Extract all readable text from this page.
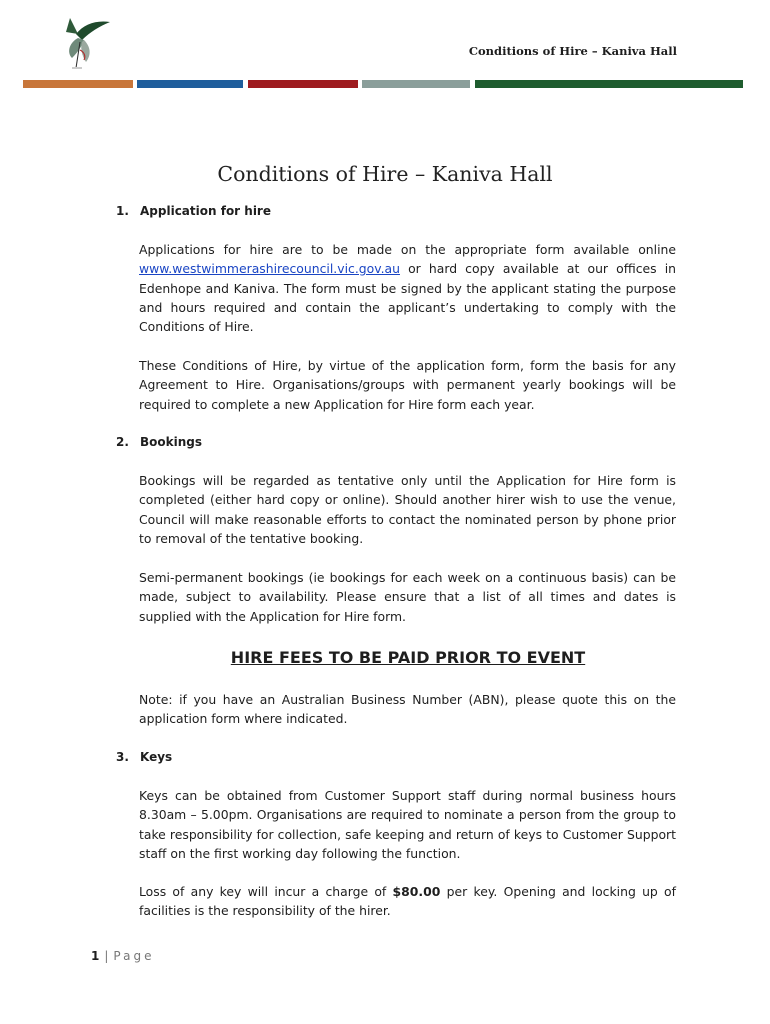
Conditions of Hire – Kaniva Hall
Conditions of Hire – Kaniva Hall
1. Application for hire

Applications for hire are to be made on the appropriate form available online www.westwimmerashirecouncil.vic.gov.au or hard copy available at our offices in Edenhope and Kaniva. The form must be signed by the applicant stating the purpose and hours required and contain the applicant’s undertaking to comply with the Conditions of Hire.

These Conditions of Hire, by virtue of the application form, form the basis for any Agreement to Hire. Organisations/groups with permanent yearly bookings will be required to complete a new Application for Hire form each year.

2. Bookings

Bookings will be regarded as tentative only until the Application for Hire form is completed (either hard copy or online). Should another hirer wish to use the venue, Council will make reasonable efforts to contact the nominated person by phone prior to removal of the tentative booking.

Semi-permanent bookings (ie bookings for each week on a continuous basis) can be made, subject to availability. Please ensure that a list of all times and dates is supplied with the Application for Hire form.

HIRE FEES TO BE PAID PRIOR TO EVENT

Note: if you have an Australian Business Number (ABN), please quote this on the application form where indicated.

3. Keys

Keys can be obtained from Customer Support staff during normal business hours 8.30am – 5.00pm. Organisations are required to nominate a person from the group to take responsibility for collection, safe keeping and return of keys to Customer Support staff on the first working day following the function.

Loss of any key will incur a charge of $80.00 per key. Opening and locking up of facilities is the responsibility of the hirer.

1 | Page
